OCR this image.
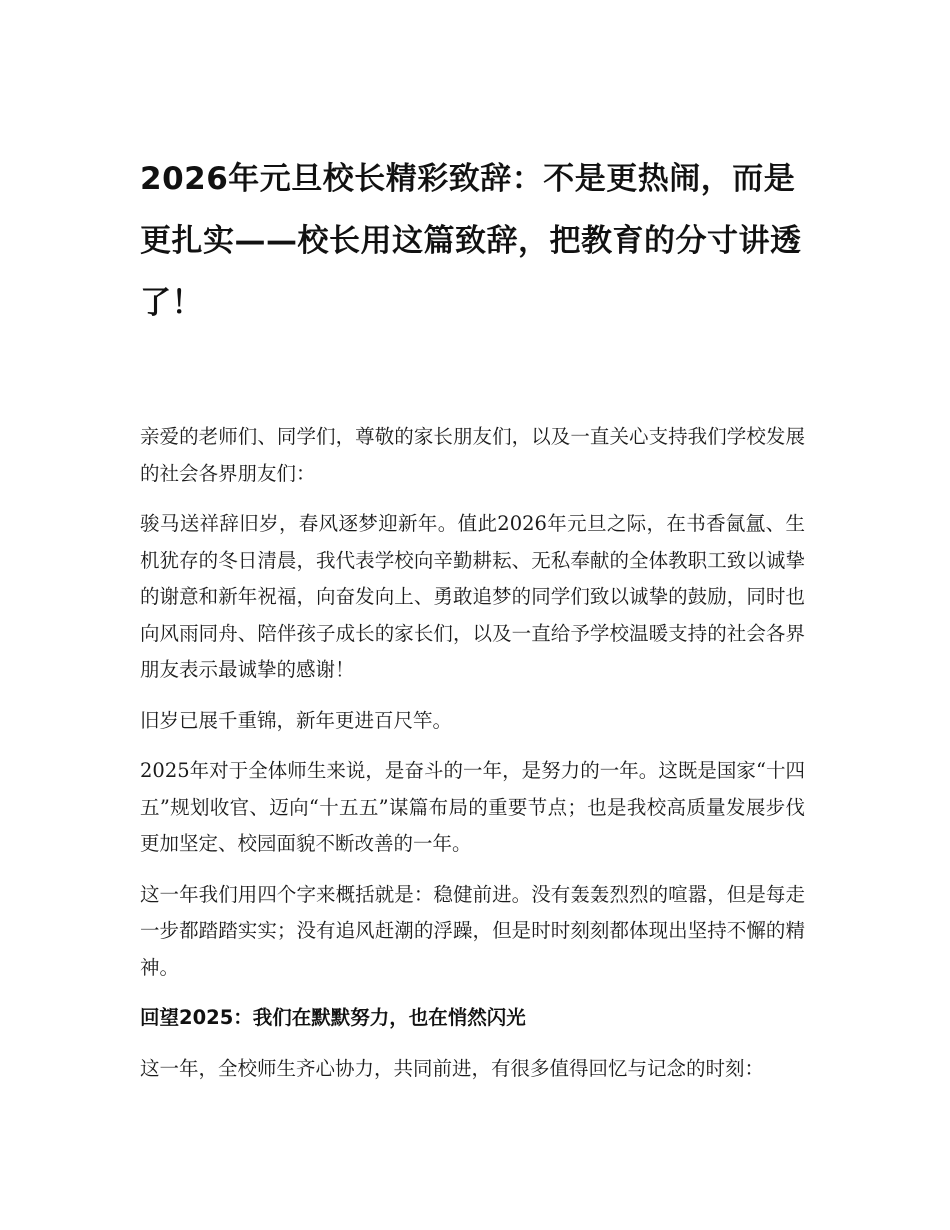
2026年元旦校长精彩致辞：不是更热闹，而是更扎实——校长用这篇致辞，把教育的分寸讲透了！

亲爱的老师们、同学们，尊敬的家长朋友们，以及一直关心支持我们学校发展的社会各界朋友们：

骏马送祥辞旧岁，春风逐梦迎新年。值此2026年元旦之际，在书香氤氲、生机犹存的冬日清晨，我代表学校向辛勤耕耘、无私奉献的全体教职工致以诚挚的谢意和新年祝福，向奋发向上、勇敢追梦的同学们致以诚挚的鼓励，同时也向风雨同舟、陪伴孩子成长的家长们，以及一直给予学校温暖支持的社会各界朋友表示最诚挚的感谢！

旧岁已展千重锦，新年更进百尺竿。

2025年对于全体师生来说，是奋斗的一年，是努力的一年。这既是国家“十四五”规划收官、迈向“十五五”谋篇布局的重要节点；也是我校高质量发展步伐更加坚定、校园面貌不断改善的一年。

这一年我们用四个字来概括就是：稳健前进。没有轰轰烈烈的喧嚣，但是每走一步都踏踏实实；没有追风赶潮的浮躁，但是时时刻刻都体现出坚持不懈的精神。

回望2025：我们在默默努力，也在悄然闪光

这一年，全校师生齐心协力，共同前进，有很多值得回忆与记念的时刻：
